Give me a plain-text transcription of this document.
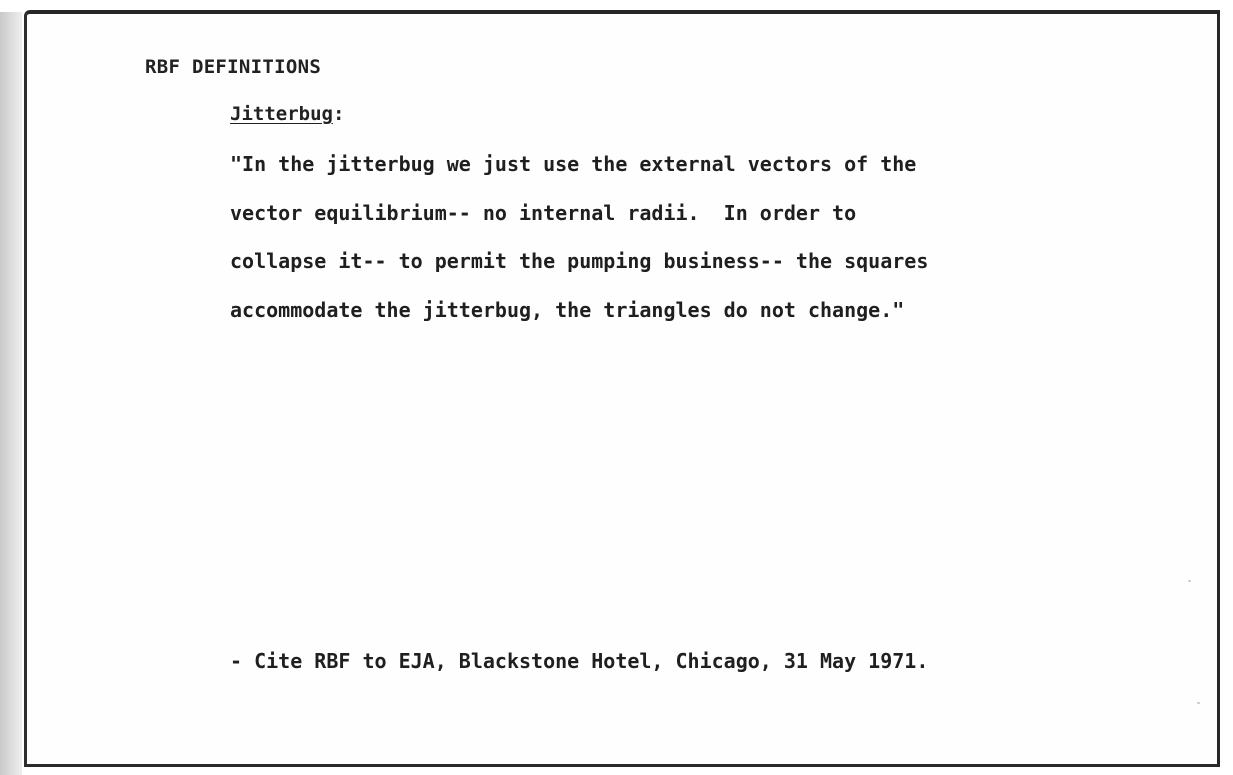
RBF DEFINITIONS
Jitterbug:
"In the jitterbug we just use the external vectors of the
vector equilibrium-- no internal radii.  In order to
collapse it-- to permit the pumping business-- the squares
accommodate the jitterbug, the triangles do not change."
- Cite RBF to EJA, Blackstone Hotel, Chicago, 31 May 1971.
